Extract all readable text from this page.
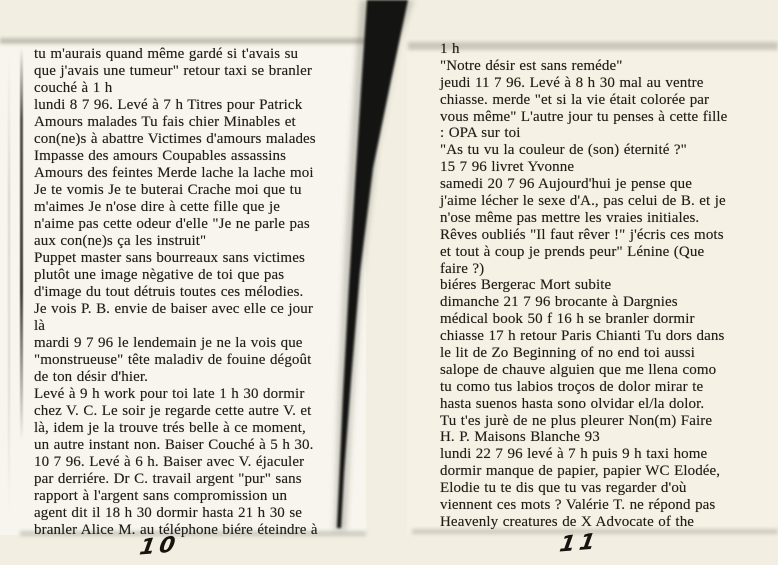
tu m'aurais quand même gardé si t'avais su
que j'avais une tumeur" retour taxi se branler
couché à 1 h
lundi 8 7 96. Levé à 7 h Titres pour Patrick
Amours malades Tu fais chier Minables et
con(ne)s à abattre Victimes d'amours malades
Impasse des amours Coupables assassins
Amours des feintes Merde lache la lache moi
Je te vomis Je te buterai Crache moi que tu
m'aimes Je n'ose dire à cette fille que je
n'aime pas cette odeur d'elle "Je ne parle pas
aux con(ne)s ça les instruit"
Puppet master sans bourreaux sans victimes
plutôt une image nègative de toi que pas
d'image du tout détruis toutes ces mélodies.
Je vois P. B. envie de baiser avec elle ce jour
là
mardi 9 7 96 le lendemain je ne la vois que
"monstrueuse" tête maladiv de fouine dégoût
de ton désir d'hier.
Levé à 9 h work pour toi late 1 h 30 dormir
chez V. C. Le soir je regarde cette autre V. et
là, idem je la trouve trés belle à ce moment,
un autre instant non. Baiser Couché à 5 h 30.
10 7 96. Levé à 6 h. Baiser avec V. éjaculer
par derriére. Dr C. travail argent "pur" sans
rapport à l'argent sans compromission un
agent dit il 18 h 30 dormir hasta 21 h 30 se
branler Alice M. au téléphone biére éteindre à
1 h
"Notre désir est sans reméde"
jeudi 11 7 96. Levé à 8 h 30 mal au ventre
chiasse. merde "et si la vie était colorée par
vous même" L'autre jour tu penses à cette fille
: OPA sur toi
"As tu vu la couleur de (son) éternité ?"
15 7 96 livret Yvonne
samedi 20 7 96 Aujourd'hui je pense que
j'aime lécher le sexe d'A., pas celui de B. et je
n'ose même pas mettre les vraies initiales.
Rêves oubliés "Il faut rêver !" j'écris ces mots
et tout à coup je prends peur" Lénine (Que
faire ?)
biéres Bergerac Mort subite
dimanche 21 7 96 brocante à Dargnies
médical book 50 f 16 h se branler dormir
chiasse 17 h retour Paris Chianti Tu dors dans
le lit de Zo Beginning of no end toi aussi
salope de chauve alguien que me llena como
tu como tus labios troços de dolor mirar te
hasta suenos hasta sono olvidar el/la dolor.
Tu t'es jurè de ne plus pleurer Non(m) Faire
H. P. Maisons Blanche 93
lundi 22 7 96 levé à 7 h puis 9 h taxi home
dormir manque de papier, papier WC Elodée,
Elodie tu te dis que tu vas regarder d'où
viennent ces mots ? Valérie T. ne répond pas
Heavenly creatures de X Advocate of the
10	11
